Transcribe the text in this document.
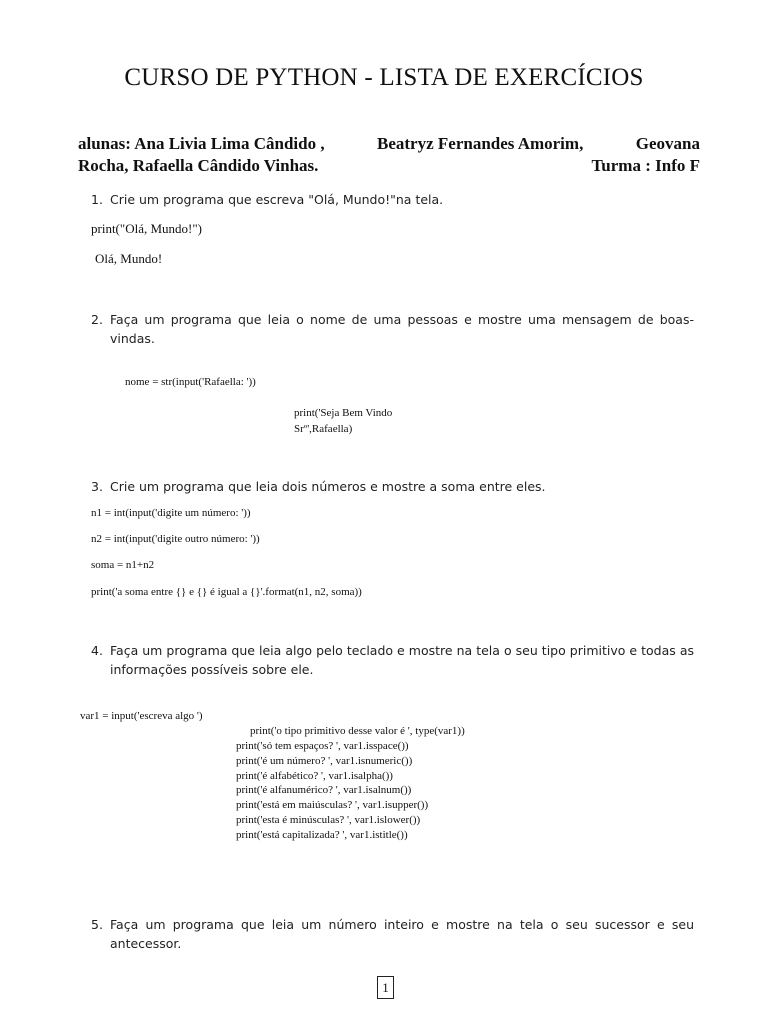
CURSO DE PYTHON - LISTA DE EXERCÍCIOS
alunas: Ana Livia Lima Cândido ,	Beatryz Fernandes Amorim,	Geovana
Rocha, Rafaella Cândido Vinhas.	Turma : Info F
1. Crie um programa que escreva "Olá, Mundo!"na tela.
print("Olá, Mundo!")
Olá, Mundo!
2. Faça um programa que leia o nome de uma pessoas e mostre uma mensagem de boas-vindas.
nome = str(input('Rafaella: '))
print('Seja Bem Vindo
Srº',Rafaella)
3. Crie um programa que leia dois números e mostre a soma entre eles.
n1 = int(input('digite um número: '))
n2 = int(input('digite outro número: '))
soma = n1+n2
print('a soma entre {} e {} é igual a {}'.format(n1, n2, soma))
4. Faça um programa que leia algo pelo teclado e mostre na tela o seu tipo primitivo e todas as informações possíveis sobre ele.
var1 = input('escreva algo ')
print('o tipo primitivo desse valor é ', type(var1))
print('só tem espaços? ', var1.isspace())
print('é um número? ', var1.isnumeric())
print('é alfabético? ', var1.isalpha())
print('é alfanumérico? ', var1.isalnum())
print('está em maiúsculas? ', var1.isupper())
print('esta é minúsculas? ', var1.islower())
print('está capitalizada? ', var1.istitle())
5. Faça um programa que leia um número inteiro e mostre na tela o seu sucessor e seu antecessor.
1
